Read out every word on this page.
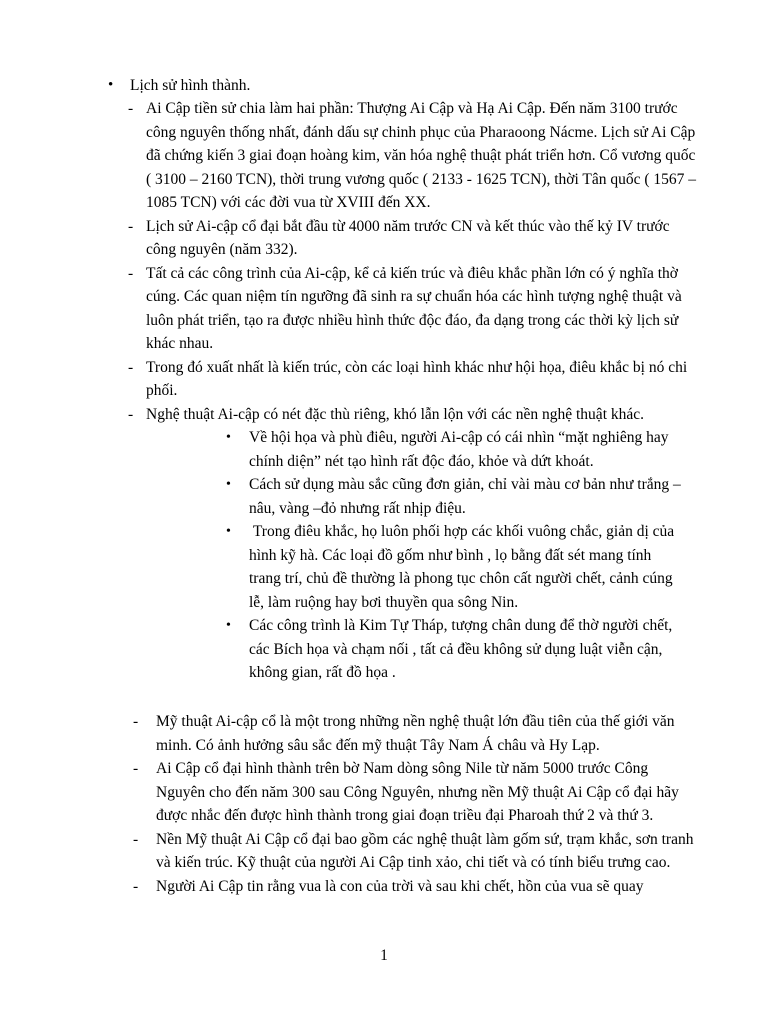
• Lịch sử hình thành.
- Ai Cập tiền sử chia làm hai phần: Thượng Ai Cập và Hạ Ai Cập. Đến năm 3100 trước công nguyên thống nhất, đánh dấu sự chinh phục của Pharaoong Nácme. Lịch sử Ai Cập đã chứng kiến 3 giai đoạn hoàng kim, văn hóa nghệ thuật phát triển hơn. Cổ vương quốc ( 3100 – 2160 TCN), thời trung vương quốc ( 2133 - 1625 TCN), thời Tân quốc ( 1567 – 1085 TCN) với các đời vua từ XVIII đến XX.
- Lịch sử Ai-cập cổ đại bắt đầu từ 4000 năm trước CN và kết thúc vào thế kỷ IV trước công nguyên (năm 332).
- Tất cả các công trình của Ai-cập, kể cả kiến trúc và điêu khắc phần lớn có ý nghĩa thờ cúng. Các quan niệm tín ngưỡng đã sinh ra sự chuẩn hóa các hình tượng nghệ thuật và luôn phát triển, tạo ra được nhiều hình thức độc đáo, đa dạng trong các thời kỳ lịch sử khác nhau.
- Trong đó xuất nhất là kiến trúc, còn các loại hình khác như hội họa, điêu khắc bị nó chi phối.
- Nghệ thuật Ai-cập có nét đặc thù riêng, khó lẫn lộn với các nền nghệ thuật khác.
• Về hội họa và phù điêu, người Ai-cập có cái nhìn “mặt nghiêng hay chính diện” nét tạo hình rất độc đáo, khỏe và dứt khoát.
• Cách sử dụng màu sắc cũng đơn giản, chỉ vài màu cơ bản như trắng –nâu, vàng –đỏ nhưng rất nhịp điệu.
• Trong điêu khắc, họ luôn phối hợp các khối vuông chắc, giản dị của hình kỹ hà. Các loại đồ gốm như bình , lọ bằng đất sét mang tính trang trí, chủ đề thường là phong tục chôn cất người chết, cảnh cúng lễ, làm ruộng hay bơi thuyền qua sông Nin.
• Các công trình là Kim Tự Tháp, tượng chân dung để thờ người chết, các Bích họa và chạm nối , tất cả đều không sử dụng luật viễn cận, không gian, rất đồ họa .
- Mỹ thuật Ai-cập cổ là một trong những nền nghệ thuật lớn đầu tiên của thế giới văn minh. Có ảnh hưởng sâu sắc đến mỹ thuật Tây Nam Á châu và Hy Lạp.
- Ai Cập cổ đại hình thành trên bờ Nam dòng sông Nile từ năm 5000 trước Công Nguyên cho đến năm 300 sau Công Nguyên, nhưng nền Mỹ thuật Ai Cập cổ đại hãy được nhắc đến được hình thành trong giai đoạn triều đại Pharoah thứ 2 và thứ 3.
- Nền Mỹ thuật Ai Cập cổ đại bao gồm các nghệ thuật làm gốm sứ, trạm khắc, sơn tranh và kiến trúc. Kỹ thuật của người Ai Cập tinh xảo, chi tiết và có tính biểu trưng cao.
- Người Ai Cập tin rằng vua là con của trời và sau khi chết, hồn của vua sẽ quay
1
